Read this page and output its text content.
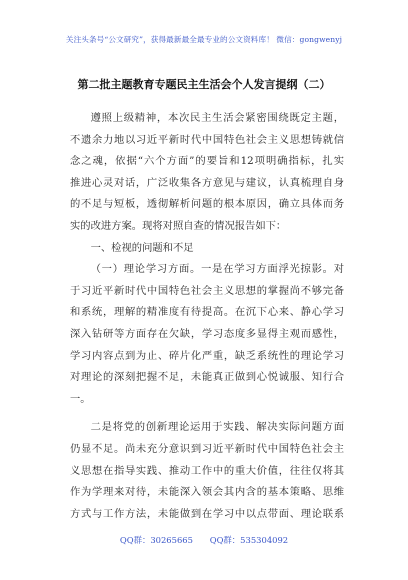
关注头条号“公文研究”，获得最新最全最专业的公文资料库！ 微信：gongwenyj
第二批主题教育专题民主生活会个人发言提纲（二）
遵照上级精神，本次民主生活会紧密围绕既定主题，
不遗余力地以习近平新时代中国特色社会主义思想铸就信
念之魂，依据“六个方面”的要旨和12项明确指标，扎实
推进心灵对话，广泛收集各方意见与建议，认真梳理自身
的不足与短板，透彻解析问题的根本原因，确立具体而务
实的改进方案。现将对照自查的情况报告如下：
一、检视的问题和不足
（一）理论学习方面。一是在学习方面浮光掠影。对
于习近平新时代中国特色社会主义思想的掌握尚不够完备
和系统，理解的精准度有待提高。在沉下心来、静心学习
深入钻研等方面存在欠缺，学习态度多显得主观而感性，
学习内容点到为止、碎片化严重，缺乏系统性的理论学习
对理论的深刻把握不足，未能真正做到心悦诚服、知行合
一。
二是将党的创新理论运用于实践、解决实际问题方面
仍显不足。尚未充分意识到习近平新时代中国特色社会主
义思想在指导实践、推动工作中的重大价值，往往仅将其
作为学理来对待，未能深入领会其内含的基本策略、思维
方式与工作方法，未能做到在学习中以点带面、理论联系
QQ群：30265665　　QQ群：535304092
